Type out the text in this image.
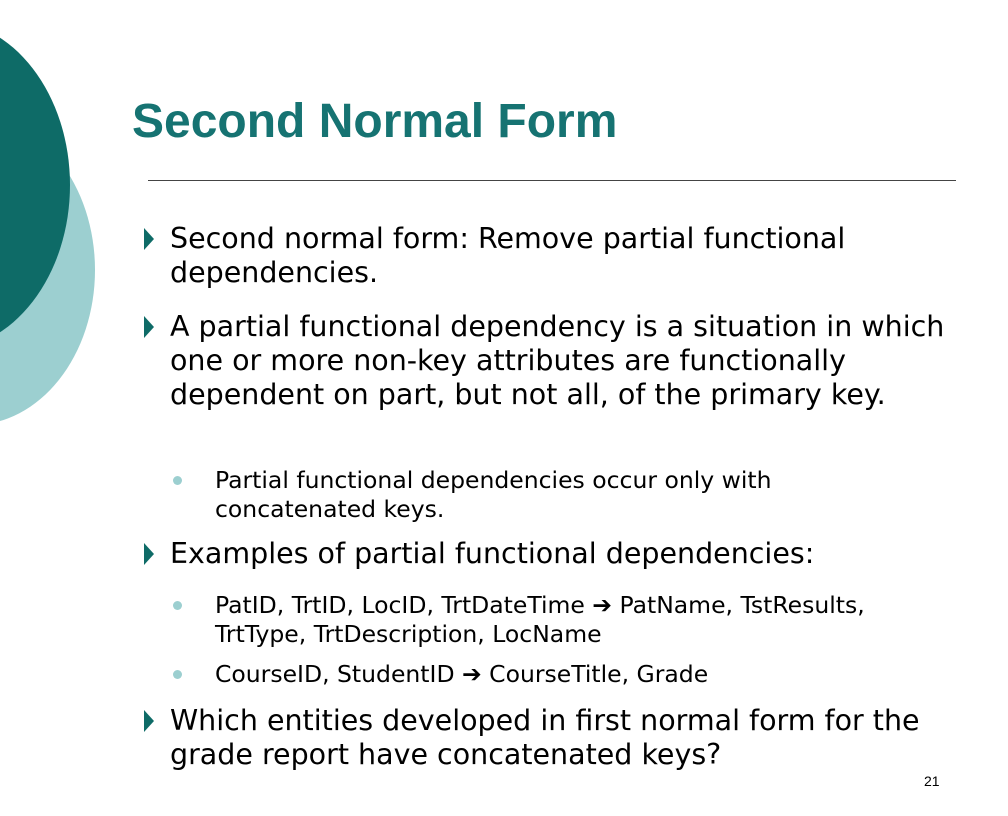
Second Normal Form
Second normal form: Remove partial functional dependencies.
A partial functional dependency is a situation in which one or more non-key attributes are functionally dependent on part, but not all, of the primary key.
Partial functional dependencies occur only with concatenated keys.
Examples of partial functional dependencies:
PatID, TrtID, LocID, TrtDateTime ➔ PatName, TstResults, TrtType, TrtDescription, LocName
CourseID, StudentID ➔ CourseTitle, Grade
Which entities developed in first normal form for the grade report have concatenated keys?
21
